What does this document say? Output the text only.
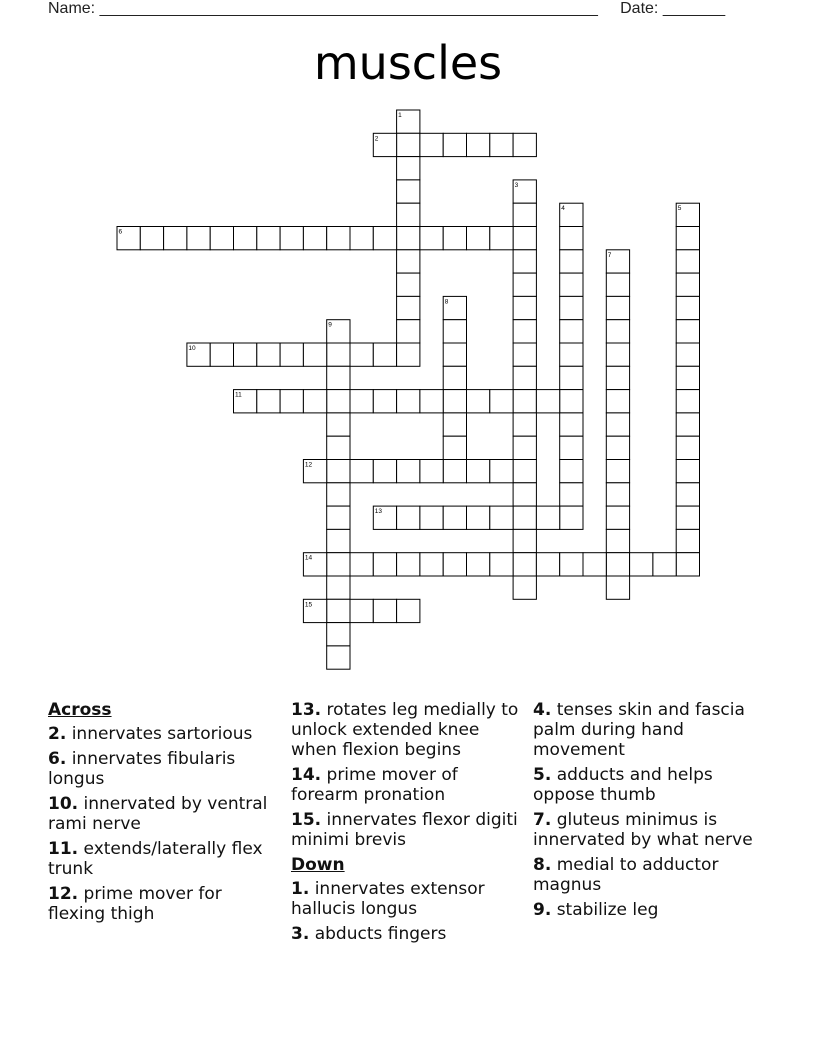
Name: ________________________________________________________ Date: _______
muscles
1
2
3
4	5
6
7
8
9
10
11
12
13
14
15
Across
2. innervates sartorious
6. innervates fibularis longus
10. innervated by ventral rami nerve
11. extends/laterally flex trunk
12. prime mover for flexing thigh
13. rotates leg medially to unlock extended knee when flexion begins
14. prime mover of forearm pronation
15. innervates flexor digiti minimi brevis
Down
1. innervates extensor hallucis longus
3. abducts fingers
4. tenses skin and fascia palm during hand movement
5. adducts and helps oppose thumb
7. gluteus minimus is innervated by what nerve
8. medial to adductor magnus
9. stabilize leg
